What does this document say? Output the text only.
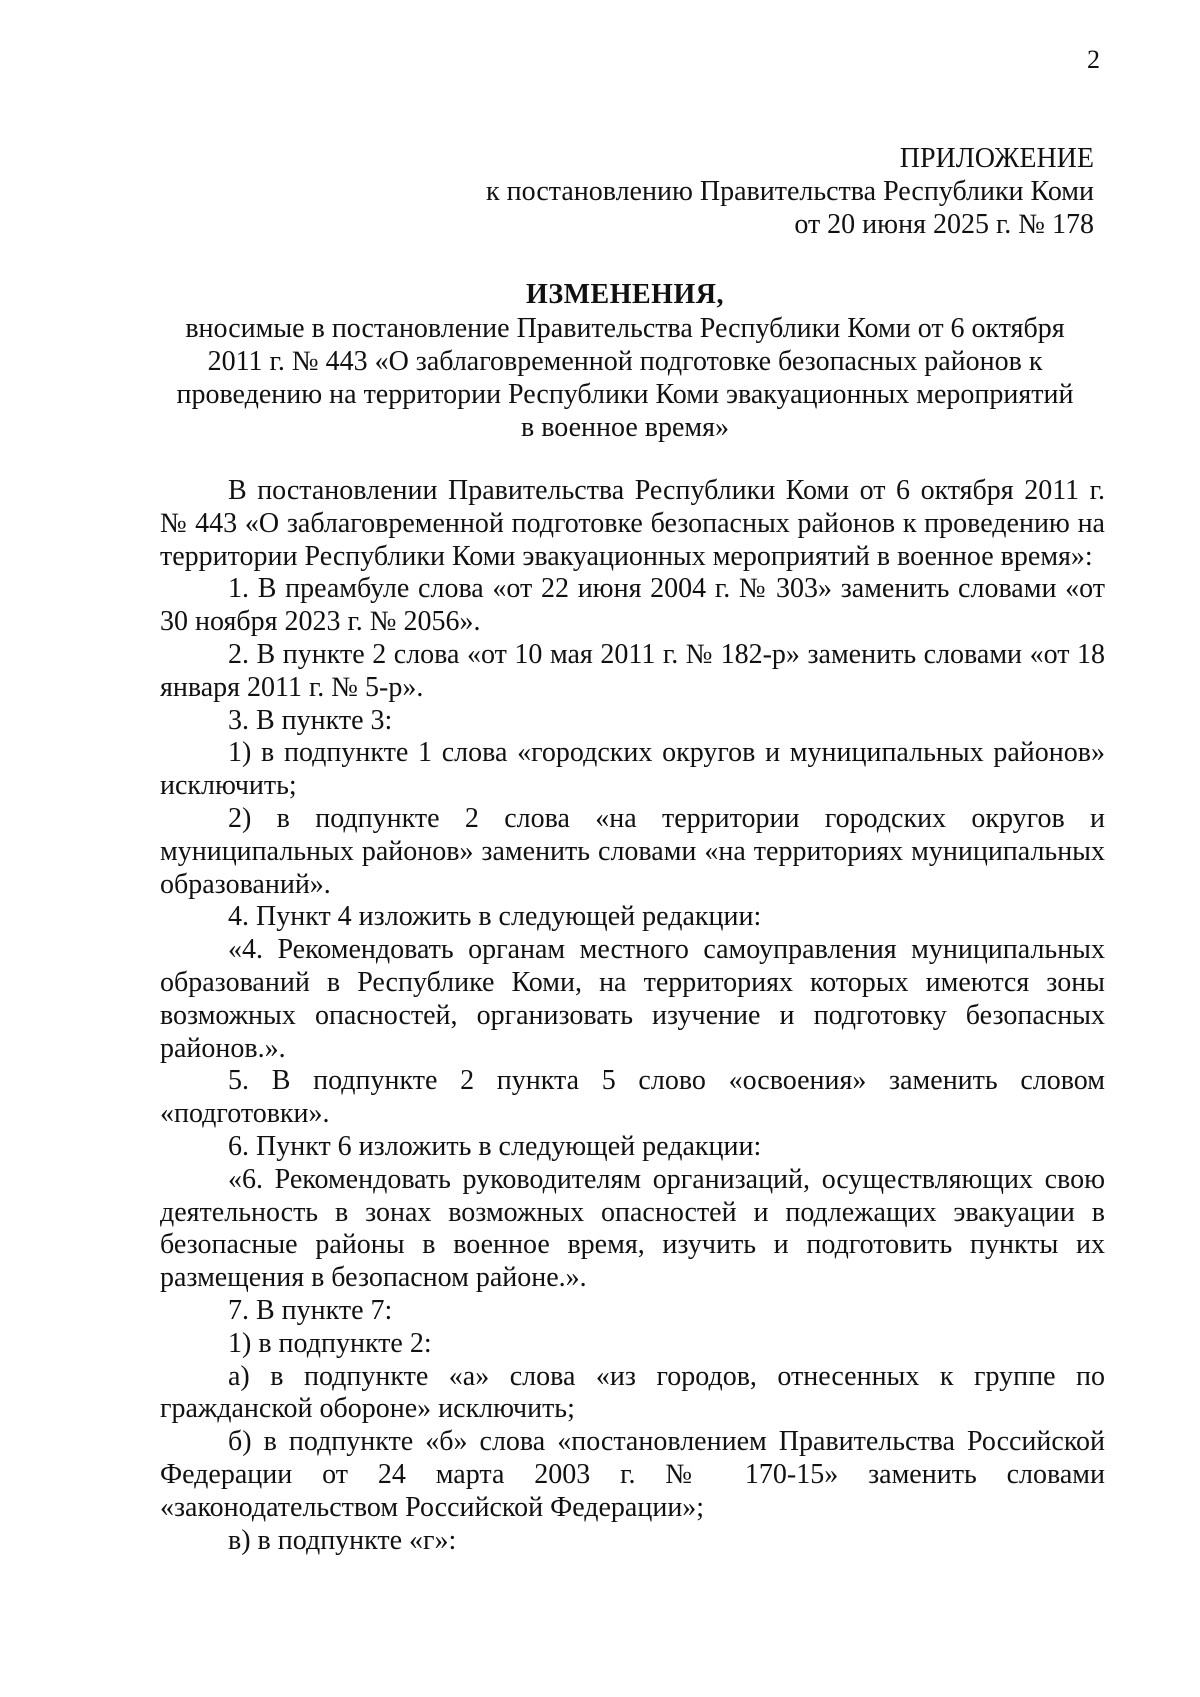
2
ПРИЛОЖЕНИЕ
к постановлению Правительства Республики Коми
от 20 июня 2025 г. № 178
ИЗМЕНЕНИЯ,
вносимые в постановление Правительства Республики Коми от 6 октября
2011 г. № 443 «О заблаговременной подготовке безопасных районов к
проведению на территории Республики Коми эвакуационных мероприятий
в военное время»

В постановлении Правительства Республики Коми от 6 октября 2011 г. № 443 «О заблаговременной подготовке безопасных районов к проведению на территории Республики Коми эвакуационных мероприятий в военное время»:

1. В преамбуле слова «от 22 июня 2004 г. № 303» заменить словами «от 30 ноября 2023 г. № 2056».

2. В пункте 2 слова «от 10 мая 2011 г. № 182-р» заменить словами «от 18 января 2011 г. № 5-р».

3. В пункте 3:

1) в подпункте 1 слова «городских округов и муниципальных районов» исключить;

2) в подпункте 2 слова «на территории городских округов и муниципальных районов» заменить словами «на территориях муниципальных образований».

4. Пункт 4 изложить в следующей редакции:

«4. Рекомендовать органам местного самоуправления муниципальных образований в Республике Коми, на территориях которых имеются зоны возможных опасностей, организовать изучение и подготовку безопасных районов.».

5. В подпункте 2 пункта 5 слово «освоения» заменить словом «подготовки».

6. Пункт 6 изложить в следующей редакции:

«6. Рекомендовать руководителям организаций, осуществляющих свою деятельность в зонах возможных опасностей и подлежащих эвакуации в безопасные районы в военное время, изучить и подготовить пункты их размещения в безопасном районе.».

7. В пункте 7:

1) в подпункте 2:

а) в подпункте «а» слова «из городов, отнесенных к группе по гражданской обороне» исключить;

б) в подпункте «б» слова «постановлением Правительства Российской Федерации от 24 марта 2003 г. № 170-15» заменить словами «законодательством Российской Федерации»;

в) в подпункте «г»:
